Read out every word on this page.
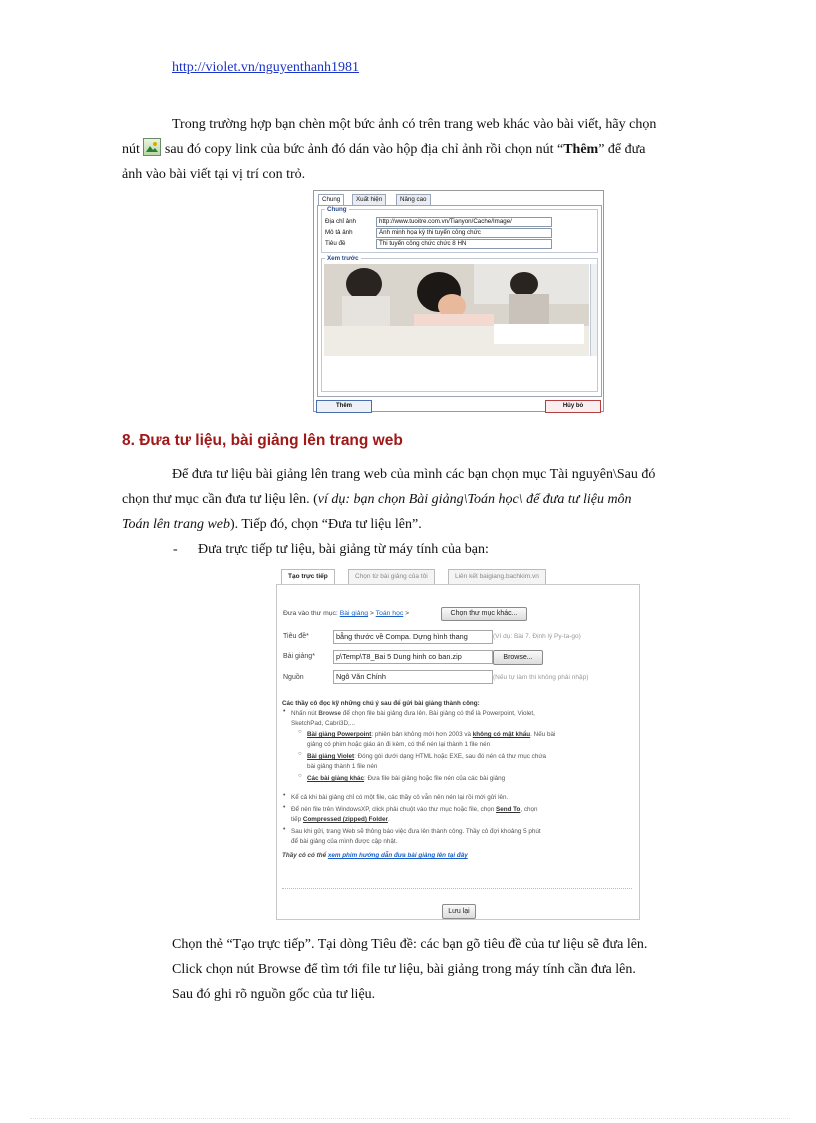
http://violet.vn/nguyenthanh1981
Trong trường hợp bạn chèn một bức ảnh có trên trang web khác vào bài viết, hãy chọn
nút sau đó copy link của bức ảnh đó dán vào hộp địa chỉ ảnh rồi chọn nút “Thêm” để đưa
ảnh vào bài viết tại vị trí con trỏ.
Chung	Xuất hiện	Nâng cao
Chung
Địa chỉ ảnh	http://www.tuoitre.com.vn/Tianyon/Cache/Image/
Mô tả ảnh	Ảnh minh họa kỳ thi tuyển công chức
Tiêu đề	Thi tuyển công chức chức 8 HN
Xem trước
Thêm	Hủy bỏ
8. Đưa tư liệu, bài giảng lên trang web
Để đưa tư liệu bài giảng lên trang web của mình các bạn chọn mục Tài nguyên\Sau đó
chọn thư mục cần đưa tư liệu lên. (ví dụ: bạn chọn Bài giảng\Toán học\ để đưa tư liệu môn
Toán lên trang web). Tiếp đó, chọn “Đưa tư liệu lên”.
- Đưa trực tiếp tư liệu, bài giảng từ máy tính của bạn:
Tạo trực tiếp	Chọn từ bài giảng của tôi	Liên kết baigiang.bachkim.vn
Đưa vào thư mục: Bài giảng > Toán học >	Chọn thư mục khác...
Tiêu đề*	bẵng thước về Compa. Dựng hình thang	(Ví dụ: Bài 7. Định lý Py-ta-go)
Bài giảng*	p\Temp\T8_Bai 5 Dung hinh co ban.zip	Browse...
Nguồn	Ngô Văn Chính	(Nếu tự làm thì không phải nhập)
Các thầy cô đọc kỹ những chú ý sau để gửi bài giảng thành công:
• Nhấn nút Browse để chọn file bài giảng đưa lên. Bài giảng có thể là Powerpoint, Violet,
SketchPad, Cabri3D,...
○ Bài giảng Powerpoint: phiên bản không mới hơn 2003 và không có mật khẩu. Nếu bài
giảng có phim hoặc giáo án đi kèm, có thể nén lại thành 1 file nén
○ Bài giảng Violet: Đóng gói dưới dạng HTML hoặc EXE, sau đó nén cả thư mục chứa
bài giảng thành 1 file nén
○ Các bài giảng khác: Đưa file bài giảng hoặc file nén của các bài giảng
• Kể cả khi bài giảng chỉ có một file, các thầy cô vẫn nên nén lại rồi mới gửi lên.
• Để nén file trên WindowsXP, click phải chuột vào thư mục hoặc file, chọn Send To, chọn
tiếp Compressed (zipped) Folder.
• Sau khi gửi, trang Web sẽ thông báo việc đưa lên thành công. Thầy cô đợi khoảng 5 phút
để bài giảng của mình được cập nhật.
Thầy cô có thể xem phim hướng dẫn đưa bài giảng lên tại đây
Lưu lại
Chọn thẻ “Tạo trực tiếp”. Tại dòng Tiêu đề: các bạn gõ tiêu đề của tư liệu sẽ đưa lên.
Click chọn nút Browse để tìm tới file tư liệu, bài giảng trong máy tính cần đưa lên.
Sau đó ghi rõ nguồn gốc của tư liệu.
